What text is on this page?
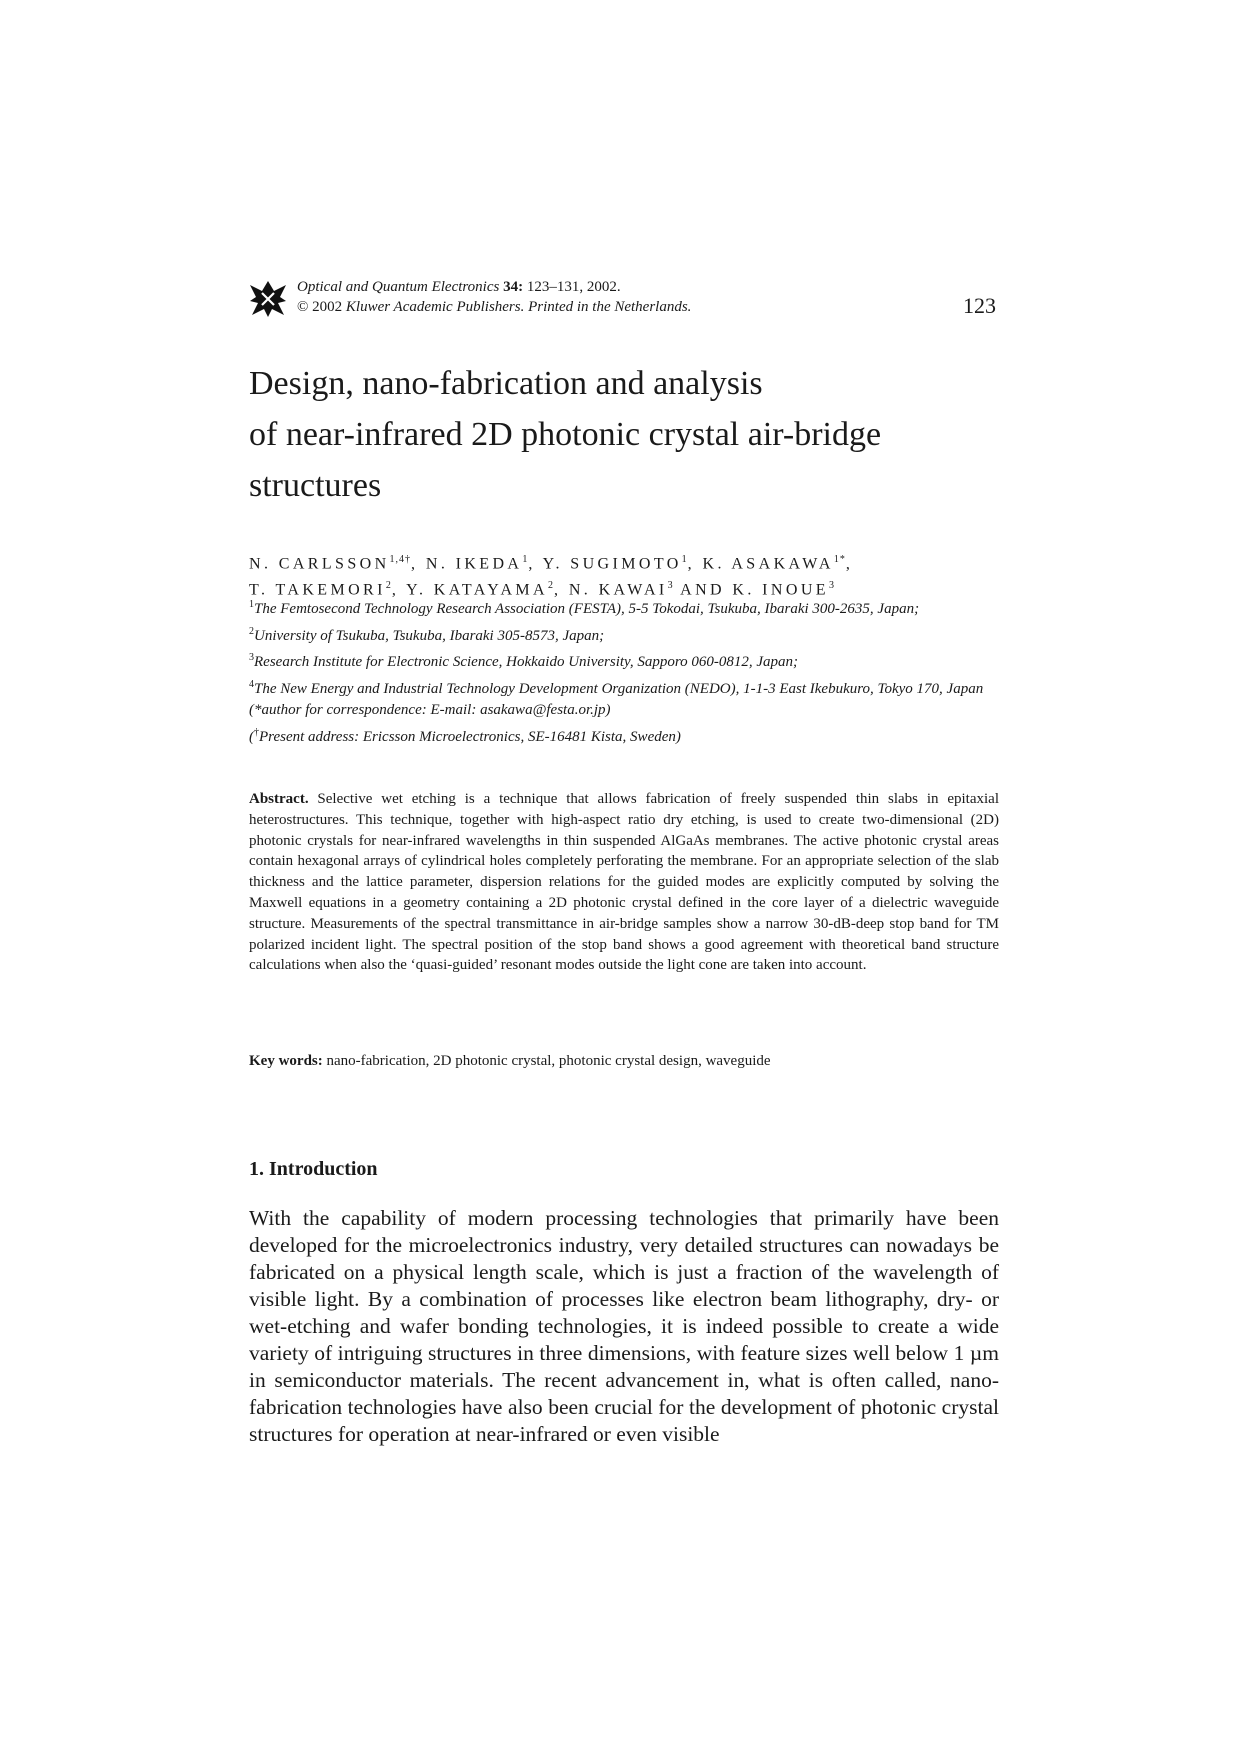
Optical and Quantum Electronics 34: 123–131, 2002.
© 2002 Kluwer Academic Publishers. Printed in the Netherlands.	123
Design, nano-fabrication and analysis
of near-infrared 2D photonic crystal air-bridge
structures
N. $CARLSSON^{1,4\dagger}$, N. IKEDA$^1$, Y. SUGIMOTO$^1$, K. $ASAKAWA^{1*}$,
T. TAKEMORI$^2$, Y. KATAYAMA$^2$, N. KAWAI$^3$ AND K. INOUE$^3$
$^1$The Femtosecond Technology Research Association (FESTA), 5-5 Tokodai, Tsukuba, Ibaraki 300-2635, Japan;
$^2$University of Tsukuba, Tsukuba, Ibaraki 305-8573, Japan;
$^3$Research Institute for Electronic Science, Hokkaido University, Sapporo 060-0812, Japan;
$^4$The New Energy and Industrial Technology Development Organization (NEDO), 1-1-3 East Ikebukuro, Tokyo 170, Japan
(*author for correspondence: E-mail: asakawa@festa.or.jp)
(†Present address: Ericsson Microelectronics, SE-16481 Kista, Sweden)

Abstract. Selective wet etching is a technique that allows fabrication of freely suspended thin slabs in epitaxial heterostructures. This technique, together with high-aspect ratio dry etching, is used to create two-dimensional (2D) photonic crystals for near-infrared wavelengths in thin suspended AlGaAs membranes. The active photonic crystal areas contain hexagonal arrays of cylindrical holes completely perforating the membrane. For an appropriate selection of the slab thickness and the lattice parameter, dispersion relations for the guided modes are explicitly computed by solving the Maxwell equations in a geometry containing a 2D photonic crystal defined in the core layer of a dielectric waveguide structure. Measurements of the spectral transmittance in air-bridge samples show a narrow 30-dB-deep stop band for TM polarized incident light. The spectral position of the stop band shows a good agreement with theoretical band structure calculations when also the ‘quasi-guided’ resonant modes outside the light cone are taken into account.

Key words: nano-fabrication, 2D photonic crystal, photonic crystal design, waveguide
1. Introduction

With the capability of modern processing technologies that primarily have been developed for the microelectronics industry, very detailed structures can nowadays be fabricated on a physical length scale, which is just a fraction of the wavelength of visible light. By a combination of processes like electron beam lithography, dry- or wet-etching and wafer bonding technologies, it is indeed possible to create a wide variety of intriguing structures in three dimensions, with feature sizes well below 1 µm in semiconductor materials. The recent advancement in, what is often called, nano-fabrication technologies have also been crucial for the development of photonic crystal structures for operation at near-infrared or even visible
